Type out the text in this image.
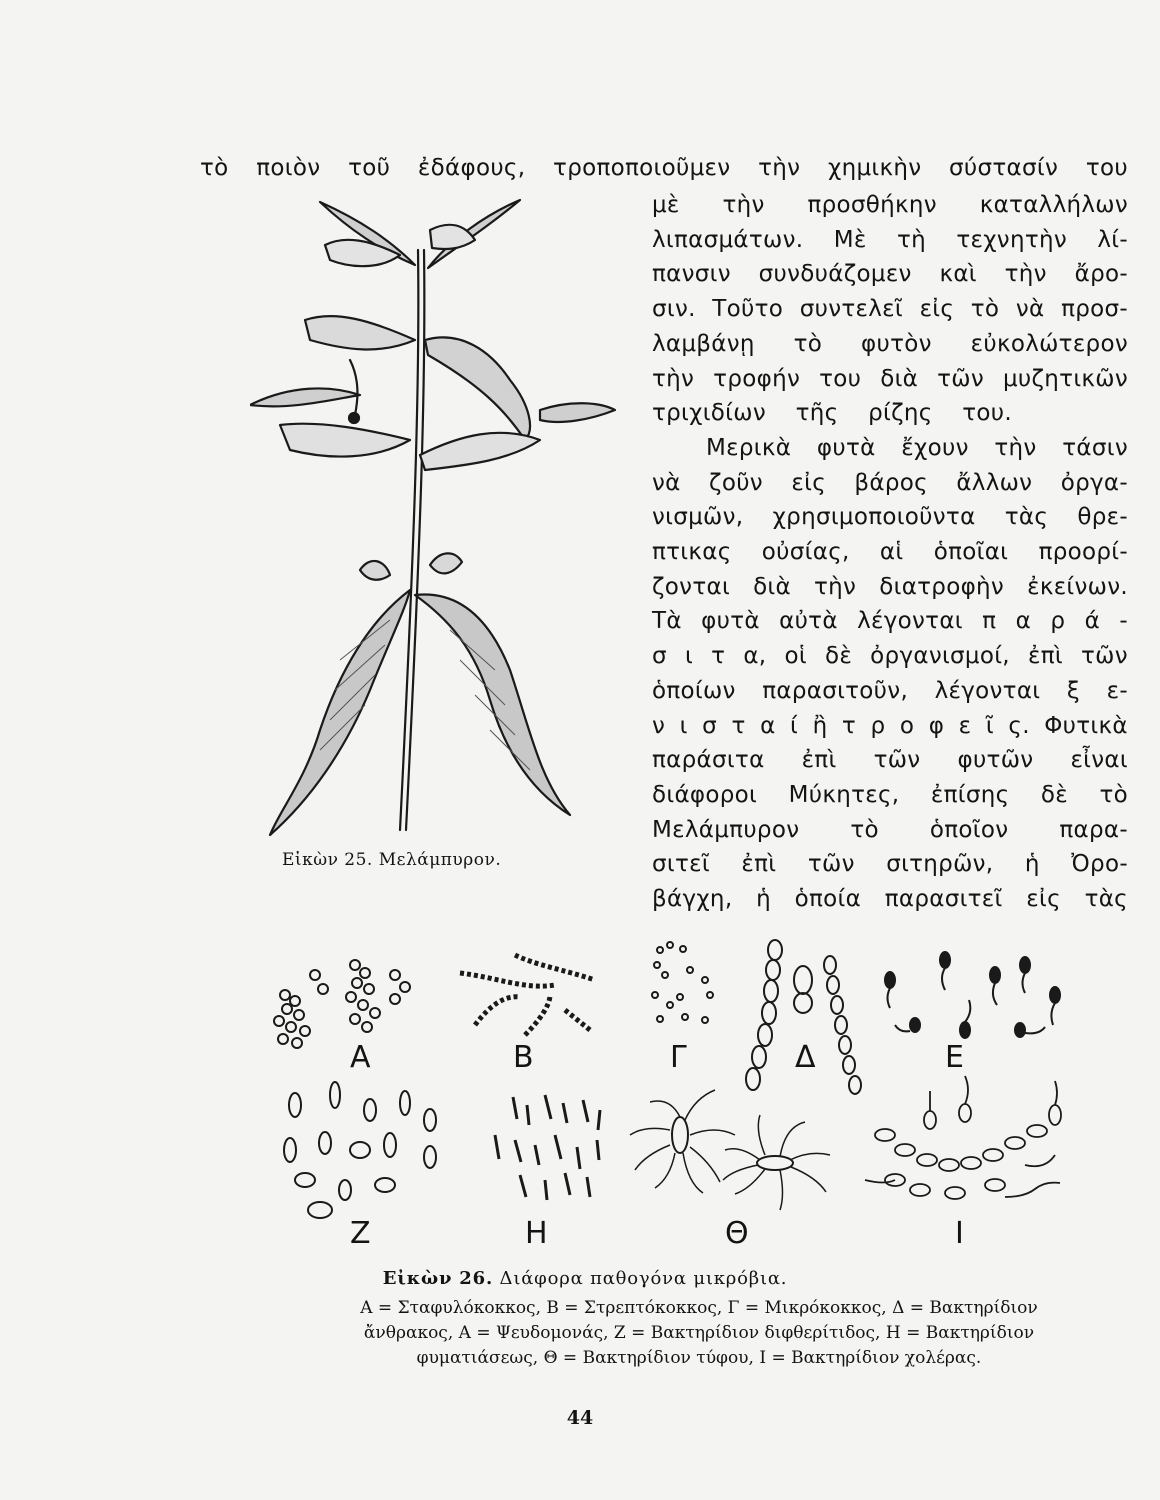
τὸ ποιὸν τοῦ ἐδάφους, τροποποιοῦμεν τὴν χημικὴν σύστασίν του
μὲ τὴν προσθήκην καταλλήλων
λιπασμάτων. Μὲ τὴ τεχνητὴν λί-
πανσιν συνδυάζομεν καὶ τὴν ἄρο-
σιν. Τοῦτο συντελεῖ εἰς τὸ νὰ προσ-
λαμβάνῃ τὸ φυτὸν εὐκολώτερον
τὴν τροφήν του διὰ τῶν μυζητικῶν
τριχιδίων τῆς ρίζης του.
Μερικὰ φυτὰ ἔχουν τὴν τάσιν
νὰ ζοῦν εἰς βάρος ἄλλων ὀργα-
νισμῶν, χρησιμοποιοῦντα τὰς θρε-
πτικας οὐσίας, αἱ ὁποῖαι προορί-
ζονται διὰ τὴν διατροφὴν ἐκείνων.
Τὰ φυτὰ αὐτὰ λέγονται π α ρ ά -
σ ι τ α, οἱ δὲ ὀργανισμοί, ἐπὶ τῶν
ὁποίων παρασιτοῦν, λέγονται ξ ε-
ν ι σ τ α ί ἢ τ ρ ο φ ε ῖ ς. Φυτικὰ
παράσιτα ἐπὶ τῶν φυτῶν εἶναι
διάφοροι Μύκητες, ἐπίσης δὲ τὸ
Μελάμπυρον τὸ ὁποῖον παρα-
σιτεῖ ἐπὶ τῶν σιτηρῶν, ἡ Ὀρο-
βάγχη, ἡ ὁποία παρασιτεῖ εἰς τὰς
Εἰκὼν 25. Μελάμπυρον.
Α	Β	Γ	Δ	Ε
Ζ	Η	Θ	Ι
Εἰκὼν 26. Διάφορα παθογόνα μικρόβια.
Α = Σταφυλόκοκκος, Β = Στρεπτόκοκκος, Γ = Μικρόκοκκος, Δ = Βακτηρίδιον
ἄνθρακος, Α = Ψευδομονάς, Ζ = Βακτηρίδιον διφθερίτιδος, Η = Βακτηρίδιον
φυματιάσεως, Θ = Βακτηρίδιον τύφου, Ι = Βακτηρίδιον χολέρας.
44
